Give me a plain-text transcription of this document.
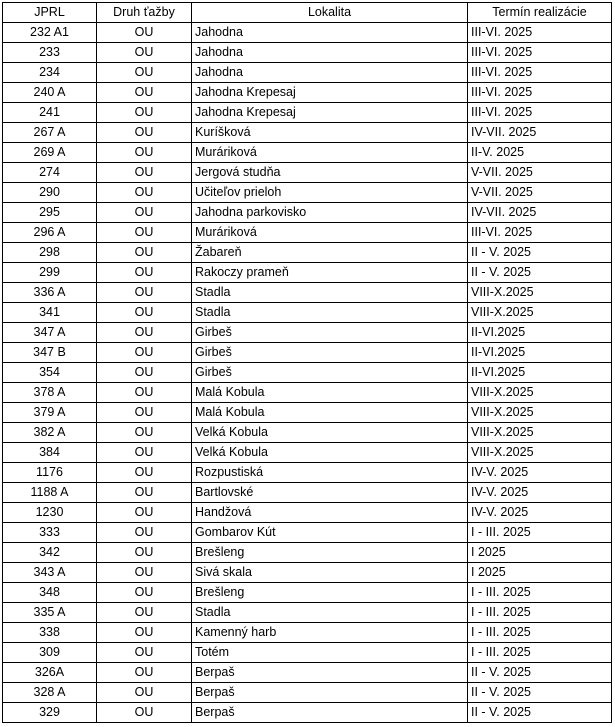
JPRL	Druh ťažby	Lokalita	Termín realizácie
232 A1	OU	Jahodna	III-VI. 2025
233	OU	Jahodna	III-VI. 2025
234	OU	Jahodna	III-VI. 2025
240 A	OU	Jahodna Krepesaj	III-VI. 2025
241	OU	Jahodna Krepesaj	III-VI. 2025
267 A	OU	Kuríšková	IV-VII. 2025
269 A	OU	Muráriková	II-V. 2025
274	OU	Jergová studňa	V-VII. 2025
290	OU	Učiteľov prieloh	V-VII. 2025
295	OU	Jahodna parkovisko	IV-VII. 2025
296 A	OU	Muráriková	III-VI. 2025
298	OU	Žabareň	II - V. 2025
299	OU	Rakoczy prameň	II - V. 2025
336 A	OU	Stadla	VIII-X.2025
341	OU	Stadla	VIII-X.2025
347 A	OU	Girbeš	II-VI.2025
347 B	OU	Girbeš	II-VI.2025
354	OU	Girbeš	II-VI.2025
378 A	OU	Malá Kobula	VIII-X.2025
379 A	OU	Malá Kobula	VIII-X.2025
382 A	OU	Velká Kobula	VIII-X.2025
384	OU	Velká Kobula	VIII-X.2025
1176	OU	Rozpustiská	IV-V. 2025
1188 A	OU	Bartlovské	IV-V. 2025
1230	OU	Handžová	IV-V. 2025
333	OU	Gombarov Kút	I - III. 2025
342	OU	Brešleng	I 2025
343 A	OU	Sivá skala	I 2025
348	OU	Brešleng	I - III. 2025
335 A	OU	Stadla	I - III. 2025
338	OU	Kamenný harb	I - III. 2025
309	OU	Totém	I - III. 2025
326A	OU	Berpaš	II - V. 2025
328 A	OU	Berpaš	II - V. 2025
329	OU	Berpaš	II - V. 2025
